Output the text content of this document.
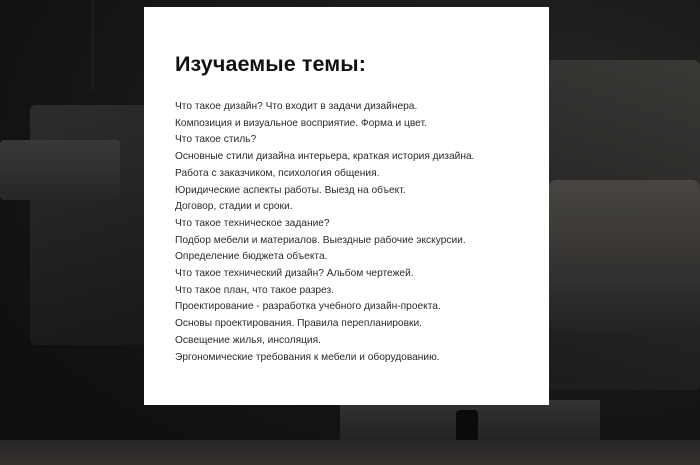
Изучаемые темы:
Что такое дизайн? Что входит в задачи дизайнера.
Композиция и визуальное восприятие. Форма и цвет.
Что такое стиль?
Основные стили дизайна интерьера, краткая история дизайна.
Работа с заказчиком, психология общения.
Юридические аспекты работы. Выезд на объект.
Договор, стадии и сроки.
Что такое техническое задание?
Подбор мебели и материалов. Выездные рабочие экскурсии.
Определение бюджета объекта.
Что такое технический дизайн? Альбом чертежей.
Что такое план, что такое разрез.
Проектирование - разработка учебного дизайн-проекта.
Основы проектирования. Правила перепланировки.
Освещение жилья, инсоляция.
Эргономические требования к мебели и оборудованию.
